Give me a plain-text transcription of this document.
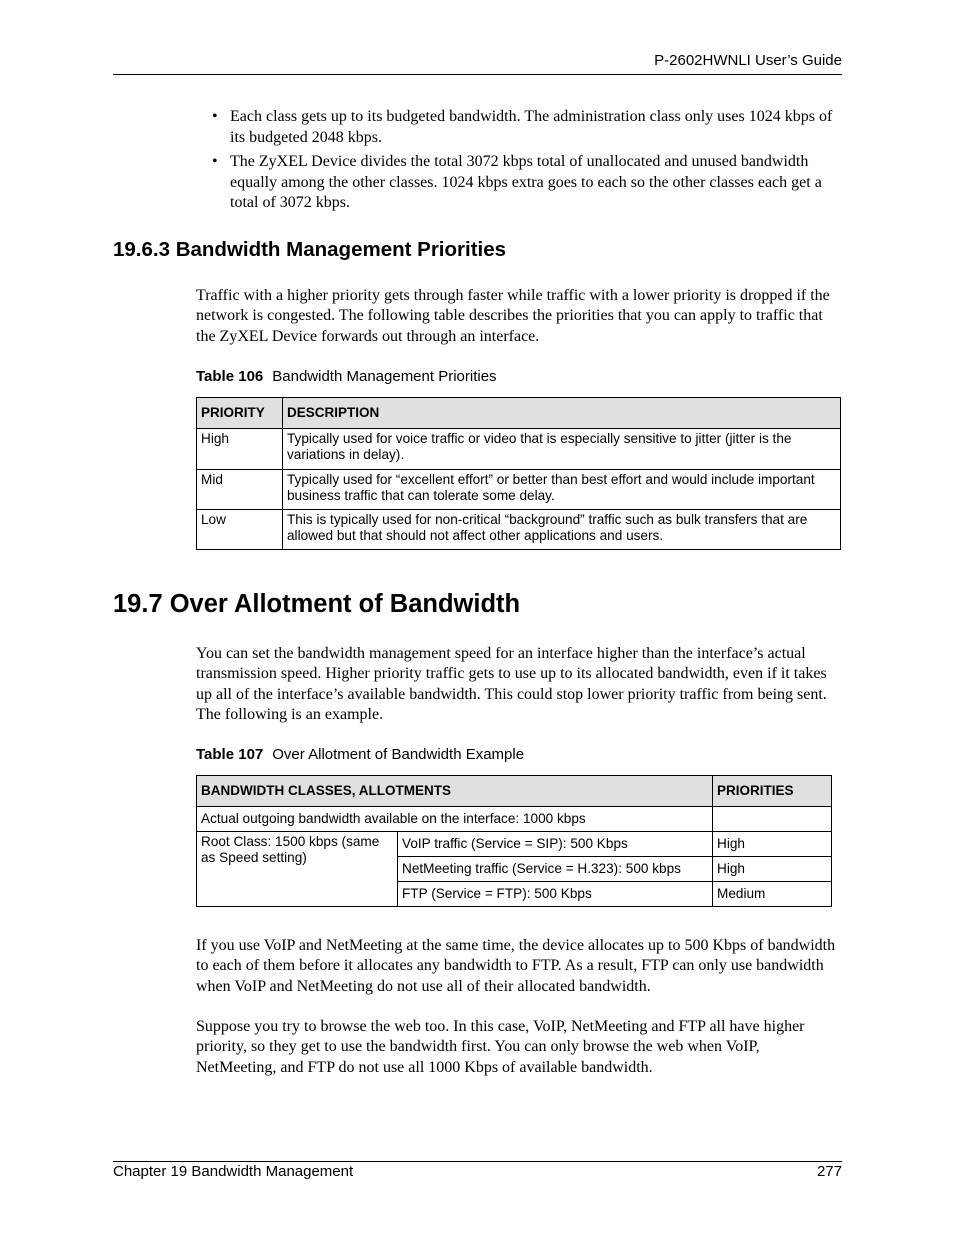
P-2602HWNLI User’s Guide
• Each class gets up to its budgeted bandwidth. The administration class only uses 1024 kbps of its budgeted 2048 kbps.
• The ZyXEL Device divides the total 3072 kbps total of unallocated and unused bandwidth equally among the other classes. 1024 kbps extra goes to each so the other classes each get a total of 3072 kbps.
19.6.3 Bandwidth Management Priorities

Traffic with a higher priority gets through faster while traffic with a lower priority is dropped if the network is congested. The following table describes the priorities that you can apply to traffic that the ZyXEL Device forwards out through an interface.

Table 106 Bandwidth Management Priorities
PRIORITY	DESCRIPTION
High	Typically used for voice traffic or video that is especially sensitive to jitter (jitter is the variations in delay).
Mid	Typically used for “excellent effort” or better than best effort and would include important business traffic that can tolerate some delay.
Low	This is typically used for non-critical “background” traffic such as bulk transfers that are allowed but that should not affect other applications and users.
19.7 Over Allotment of Bandwidth

You can set the bandwidth management speed for an interface higher than the interface’s actual transmission speed. Higher priority traffic gets to use up to its allocated bandwidth, even if it takes up all of the interface’s available bandwidth. This could stop lower priority traffic from being sent. The following is an example.

Table 107 Over Allotment of Bandwidth Example
BANDWIDTH CLASSES, ALLOTMENTS		PRIORITIES
Actual outgoing bandwidth available on the interface: 1000 kbps		
Root Class: 1500 kbps (same as Speed setting)	VoIP traffic (Service = SIP): 500 Kbps	High
	NetMeeting traffic (Service = H.323): 500 kbps	High
	FTP (Service = FTP): 500 Kbps	Medium

If you use VoIP and NetMeeting at the same time, the device allocates up to 500 Kbps of bandwidth to each of them before it allocates any bandwidth to FTP. As a result, FTP can only use bandwidth when VoIP and NetMeeting do not use all of their allocated bandwidth.

Suppose you try to browse the web too. In this case, VoIP, NetMeeting and FTP all have higher priority, so they get to use the bandwidth first. You can only browse the web when VoIP, NetMeeting, and FTP do not use all 1000 Kbps of available bandwidth.

Chapter 19 Bandwidth Management	277
